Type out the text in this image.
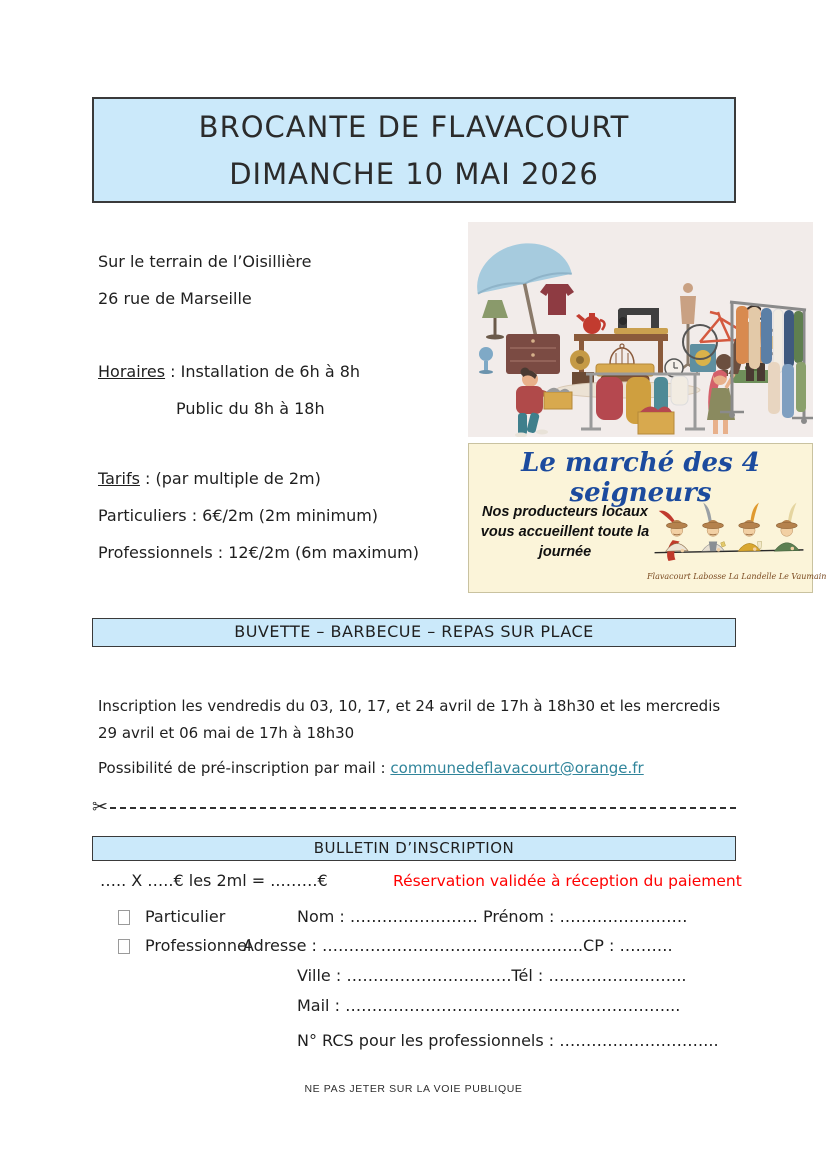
BROCANTE DE FLAVACOURT
DIMANCHE 10 MAI 2026
Sur le terrain de l’Oisillière
26 rue de Marseille
Horaires : Installation de 6h à 8h
Public du 8h à 18h
Tarifs : (par multiple de 2m)
Particuliers : 6€/2m (2m minimum)
Professionnels : 12€/2m (6m maximum)
Le marché des 4 seigneurs
Nos producteurs locaux vous accueillent toute la journée
Flavacourt Labosse La Landelle Le Vaumain
BUVETTE – BARBECUE – REPAS SUR PLACE
Inscription les vendredis du 03, 10, 17, et 24 avril de 17h à 18h30 et les mercredis 29 avril et 06 mai de 17h à 18h30
Possibilité de pré-inscription par mail : communedeflavacourt@orange.fr
✂
BULLETIN D’INSCRIPTION
….. X …..€ les 2ml = ..…….€	Réservation validée à réception du paiement
Particulier	Nom : …………………… Prénom : ……………………
Professionnel
Adresse : ………………………………………….CP : ……….
Ville : ………………………….Tél : ……………………..
Mail : ……………………………………………………...
N° RCS pour les professionnels : ………………………...
NE PAS JETER SUR LA VOIE PUBLIQUE
